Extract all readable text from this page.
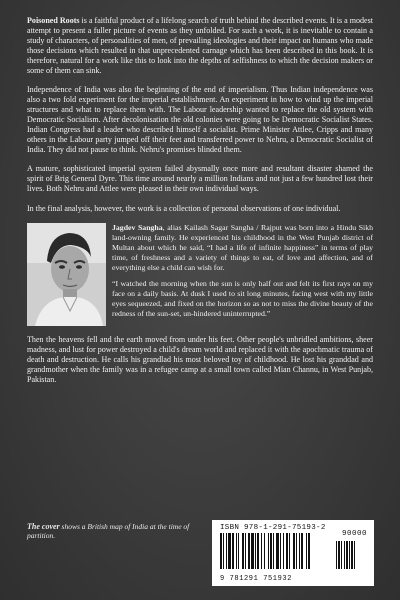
Poisoned Roots is a faithful product of a lifelong search of truth behind the described events. It is a modest attempt to present a fuller picture of events as they unfolded. For such a work, it is inevitable to contain a study of characters, of personalities of men, of prevailing ideologies and their impact on humans who made those decisions which resulted in that unprecedented carnage which has been described in this book. It is therefore, natural for a work like this to look into the depths of selfishness to which the decision makers or some of them can sink.

Independence of India was also the beginning of the end of imperialism. Thus Indian independence was also a two fold experiment for the imperial establishment. An experiment in how to wind up the imperial structures and what to replace them with. The Labour leadership wanted to replace the old system with Democratic Socialism. After decolonisation the old colonies were going to be Democratic Socialist States. Indian Congress had a leader who described himself a socialist. Prime Minister Attlee, Cripps and many others in the Labour party jumped off their feet and transferred power to Nehru, a Democratic Socialist of India. They did not pause to think. Nehru's promises blinded them.

A mature, sophisticated imperial system failed abysmally once more and resultant disaster shamed the spirit of Brig General Dyre. This time around nearly a million Indians and not just a few hundred lost their lives. Both Nehru and Attlee were pleased in their own individual ways.

In the final analysis, however, the work is a collection of personal observations of one individual.

Jagdev Sangha, alias Kailash Sagar Sangha / Rajput was born into a Hindu Sikh land-owning family. He experienced his childhood in the West Punjab district of Multan about which he said, “I had a life of infinite happiness” in terms of play time, of freshness and a variety of things to eat, of love and affection, and of everything else a child can wish for.

“I watched the morning when the sun is only half out and felt its first rays on my face on a daily basis. At dusk I used to sit long minutes, facing west with my little eyes sequeezed, and fixed on the horizon so as not to miss the divine beauty of the redness of the sun-set, un-hindered uninterrupted.”

Then the heavens fell and the earth moved from under his feet. Other people's unbridled ambitions, sheer madness, and lust for power destroyed a child's dream world and replaced it with the apochmatic trauma of death and destruction. He calls his grandlad his most beloved toy of childhood. He lost his granddad and grandmother when the family was in a refugee camp at a small town called Mian Channu, in West Punjab, Pakistan.

The cover shows a British map of India at the time of partition.

ISBN 978-1-291-75193-2
90000
9 781291 751932
